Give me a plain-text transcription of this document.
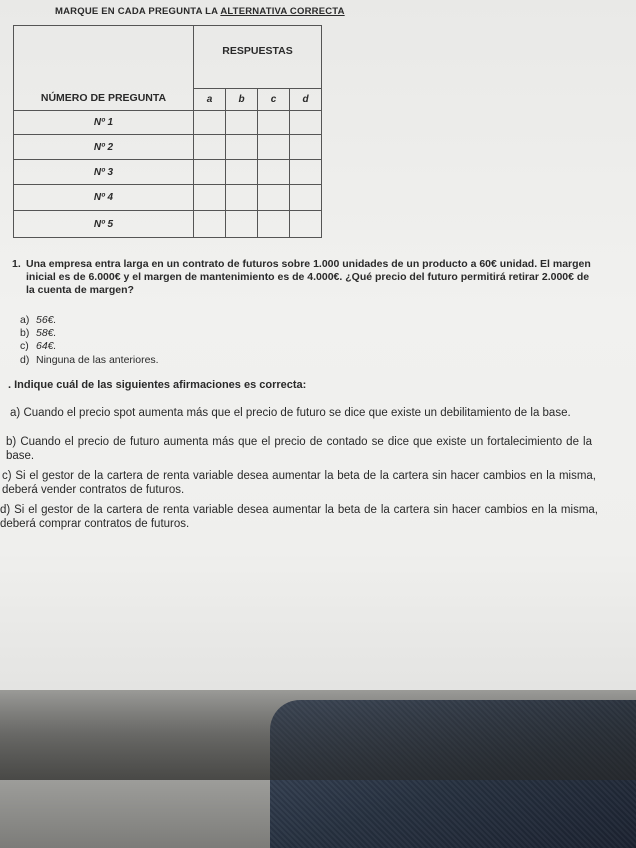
MARQUE EN CADA PREGUNTA LA ALTERNATIVA CORRECTA
NÚMERO DE PREGUNTA	RESPUESTAS			
	a	b	c	d
Nº 1				
Nº 2				
Nº 3				
Nº 4				
Nº 5				
1. Una empresa entra larga en un contrato de futuros sobre 1.000 unidades de un producto a 60€ unidad. El margen inicial es de 6.000€ y el margen de mantenimiento es de 4.000€. ¿Qué precio del futuro permitirá retirar 2.000€ de la cuenta de margen?
a) 56€.
b) 58€.
c) 64€.
d) Ninguna de las anteriores.
. Indique cuál de las siguientes afirmaciones es correcta:
a) Cuando el precio spot aumenta más que el precio de futuro se dice que existe un debilitamiento de la base.
b) Cuando el precio de futuro aumenta más que el precio de contado se dice que existe un fortalecimiento de la base.
c) Si el gestor de la cartera de renta variable desea aumentar la beta de la cartera sin hacer cambios en la misma, deberá vender contratos de futuros.
d) Si el gestor de la cartera de renta variable desea aumentar la beta de la cartera sin hacer cambios en la misma, deberá comprar contratos de futuros.
